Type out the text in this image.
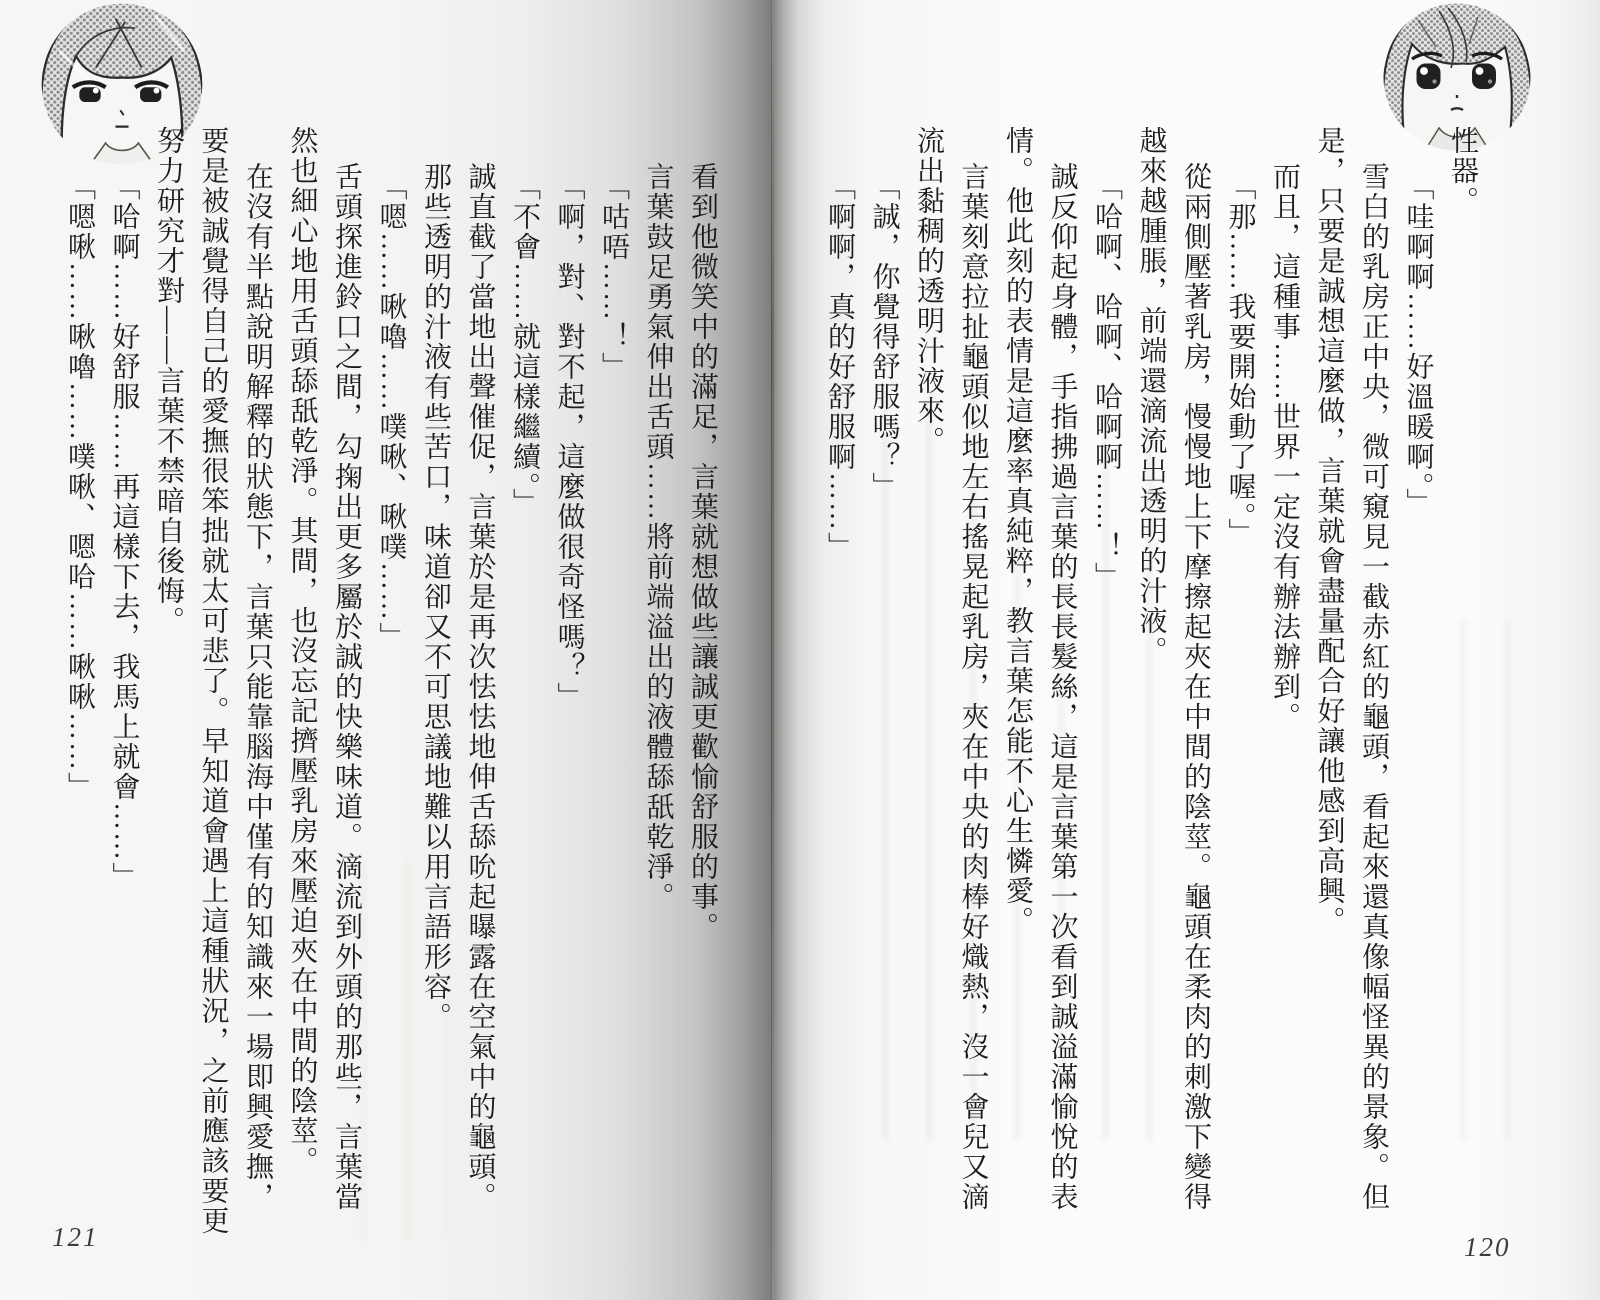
性器。

「哇啊啊……好溫暖啊。」

雪白的乳房正中央，微可窺見一截赤紅的龜頭，看起來還真像幅怪異的景象。但

是，只要是誠想這麼做，言葉就會盡量配合好讓他感到高興。

而且，這種事……世界一定沒有辦法辦到。

「那……我要開始動了喔。」

從兩側壓著乳房，慢慢地上下摩擦起夾在中間的陰莖。龜頭在柔肉的刺激下變得

越來越腫脹，前端還滴流出透明的汁液。

「哈啊、哈啊、哈啊啊……！」

誠反仰起身體，手指拂過言葉的長長髮絲，這是言葉第一次看到誠溢滿愉悅的表

情。他此刻的表情是這麼率真純粹，教言葉怎能不心生憐愛。

言葉刻意拉扯龜頭似地左右搖晃起乳房，夾在中央的肉棒好熾熱，沒一會兒又滴

流出黏稠的透明汁液來。

「誠，你覺得舒服嗎？」

「啊啊，真的好舒服啊……」

看到他微笑中的滿足，言葉就想做些讓誠更歡愉舒服的事。

言葉鼓足勇氣伸出舌頭……將前端溢出的液體舔舐乾淨。

「咕唔……！」

「啊，對、對不起，這麼做很奇怪嗎？」

「不會……就這樣繼續。」

誠直截了當地出聲催促，言葉於是再次怯怯地伸舌舔吮起曝露在空氣中的龜頭。

那些透明的汁液有些苦口，味道卻又不可思議地難以用言語形容。

「嗯……啾嚕……噗啾、啾噗……」

舌頭探進鈴口之間，勾掬出更多屬於誠的快樂味道。滴流到外頭的那些，言葉當

然也細心地用舌頭舔舐乾淨。其間，也沒忘記擠壓乳房來壓迫夾在中間的陰莖。

在沒有半點說明解釋的狀態下，言葉只能靠腦海中僅有的知識來一場即興愛撫，

要是被誠覺得自己的愛撫很笨拙就太可悲了。早知道會遇上這種狀況，之前應該要更

努力研究才對——言葉不禁暗自後悔。

「哈啊……好舒服……再這樣下去，我馬上就會……」

「嗯啾……啾嚕……噗啾、嗯哈……啾啾……」

121	120
